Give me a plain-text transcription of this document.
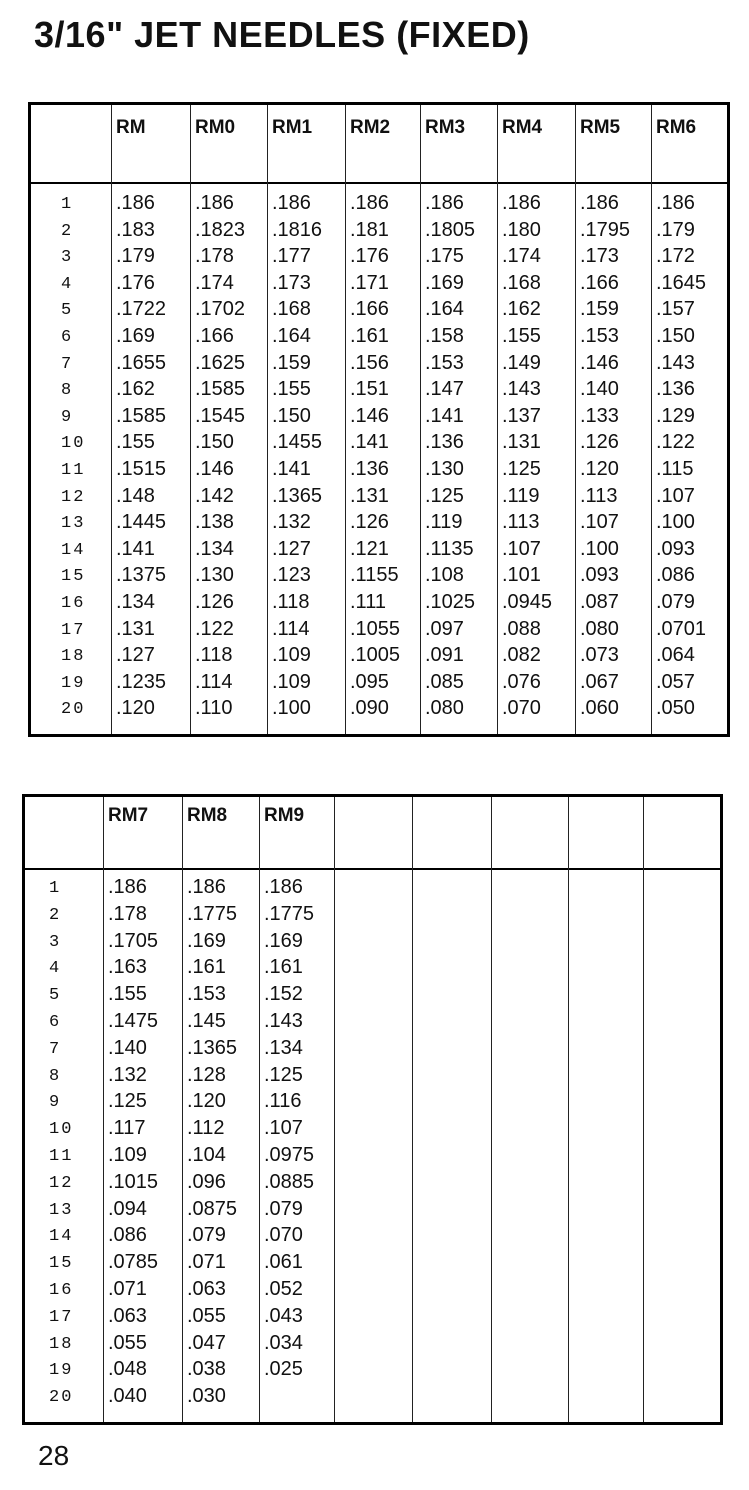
3/16" JET NEEDLES (FIXED)
RM	RM0 RM1 RM2 RM3 RM4 RM5 RM6
1
2
3
4
5
6
7
8
9
10
11
12
13
14
15
16
17
18
19
20
.186 .186 .186 .186 .186 .186 .186 .186
.183 .1823 .1816 .181 .1805 .180 .1795 .179
.179 .178 .177 .176 .175 .174 .173 .172
.176 .174 .173 .171 .169 .168 .166 .1645
.1722 .1702 .168 .166 .164 .162 .159 .157
.169 .166 .164 .161 .158 .155 .153 .150
.1655 .1625 .159 .156 .153 .149 .146 .143
.162 .1585 .155 .151 .147 .143 .140 .136
.1585 .1545 .150 .146 .141 .137 .133 .129
.155 .150 .1455 .141 .136 .131 .126 .122
.1515 .146 .141 .136 .130 .125 .120 .115
.148 .142 .1365 .131 .125 .119 .113 .107
.1445 .138 .132 .126 .119 .113 .107 .100
.141 .134 .127 .121 .1135 .107 .100 .093
.1375 .130 .123 .1155 .108 .101 .093 .086
.134 .126 .118 .111 .1025 .0945 .087 .079
.131 .122 .114 .1055 .097 .088 .080 .0701
.127 .118 .109 .1005 .091 .082 .073 .064
.1235 .114 .109 .095 .085 .076 .067 .057
.120 .110 .100 .090 .080 .070 .060 .050
RM7 RM8 RM9
1
2
3
4
5
6
7
8
9
10
11
12
13
14
15
16
17
18
19
20
.186 .186 .186
.178 .1775 .1775
.1705 .169 .169
.163 .161 .161
.155 .153 .152
.1475 .145 .143
.140 .1365 .134
.132 .128 .125
.125 .120 .116
.117 .112 .107
.109 .104 .0975
.1015 .096 .0885
.094 .0875 .079
.086 .079 .070
.0785 .071 .061
.071 .063 .052
.063 .055 .043
.055 .047 .034
.048 .038 .025
.040 .030
28
